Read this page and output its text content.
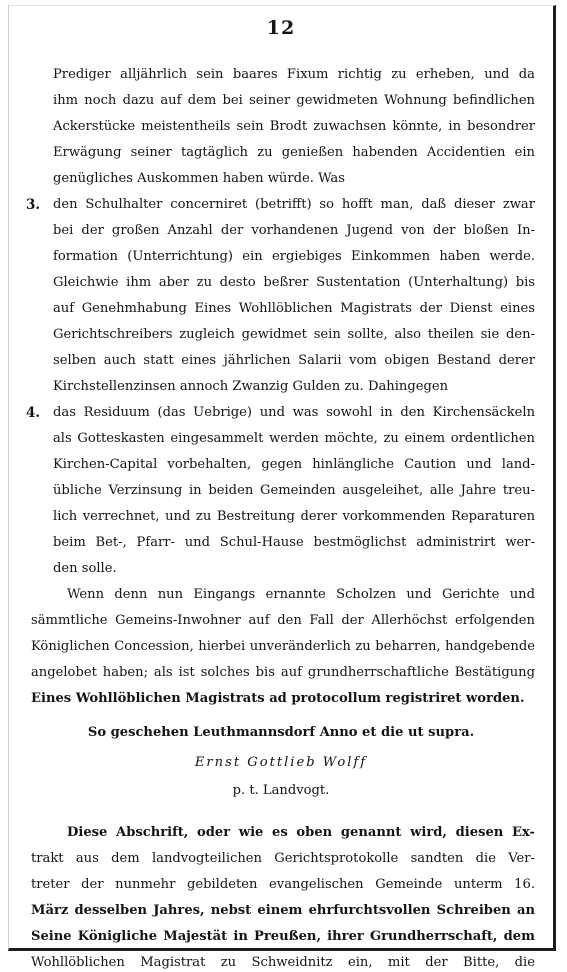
12
Prediger alljährlich sein baares Fixum richtig zu erheben, und da
ihm noch dazu auf dem bei seiner gewidmeten Wohnung befindlichen
Ackerstücke meistentheils sein Brodt zuwachsen könnte, in besondrer
Erwägung seiner tagtäglich zu genießen habenden Accidentien ein
genügliches Auskommen haben würde. Was
3. den Schulhalter concerniret (betrifft) so hofft man, daß dieser zwar
bei der großen Anzahl der vorhandenen Jugend von der bloßen In-
formation (Unterrichtung) ein ergiebiges Einkommen haben werde.
Gleichwie ihm aber zu desto beßrer Sustentation (Unterhaltung) bis
auf Genehmhabung Eines Wohllöblichen Magistrats der Dienst eines
Gerichtschreibers zugleich gewidmet sein sollte, also theilen sie den-
selben auch statt eines jährlichen Salarii vom obigen Bestand derer
Kirchstellenzinsen annoch Zwanzig Gulden zu. Dahingegen
4. das Residuum (das Uebrige) und was sowohl in den Kirchensäckeln
als Gotteskasten eingesammelt werden möchte, zu einem ordentlichen
Kirchen-Capital vorbehalten, gegen hinlängliche Caution und land-
übliche Verzinsung in beiden Gemeinden ausgeleihet, alle Jahre treu-
lich verrechnet, und zu Bestreitung derer vorkommenden Reparaturen
beim Bet-, Pfarr- und Schul-Hause bestmöglichst administrirt wer-
den solle.
Wenn denn nun Eingangs ernannte Scholzen und Gerichte und
sämmtliche Gemeins-Inwohner auf den Fall der Allerhöchst erfolgenden
Königlichen Concession, hierbei unveränderlich zu beharren, handgebende
angelobet haben; als ist solches bis auf grundherrschaftliche Bestätigung
Eines Wohllöblichen Magistrats ad protocollum registriret worden.
So geschehen Leuthmannsdorf Anno et die ut supra.
Ernst Gottlieb Wolff
p. t. Landvogt.
Diese Abschrift, oder wie es oben genannt wird, diesen Ex-
trakt aus dem landvogteilichen Gerichtsprotokolle sandten die Ver-
treter der nunmehr gebildeten evangelischen Gemeinde unterm 16.
März desselben Jahres, nebst einem ehrfurchtsvollen Schreiben an
Seine Königliche Majestät in Preußen, ihrer Grundherrschaft, dem
Wohllöblichen Magistrat zu Schweidnitz ein, mit der Bitte, die
